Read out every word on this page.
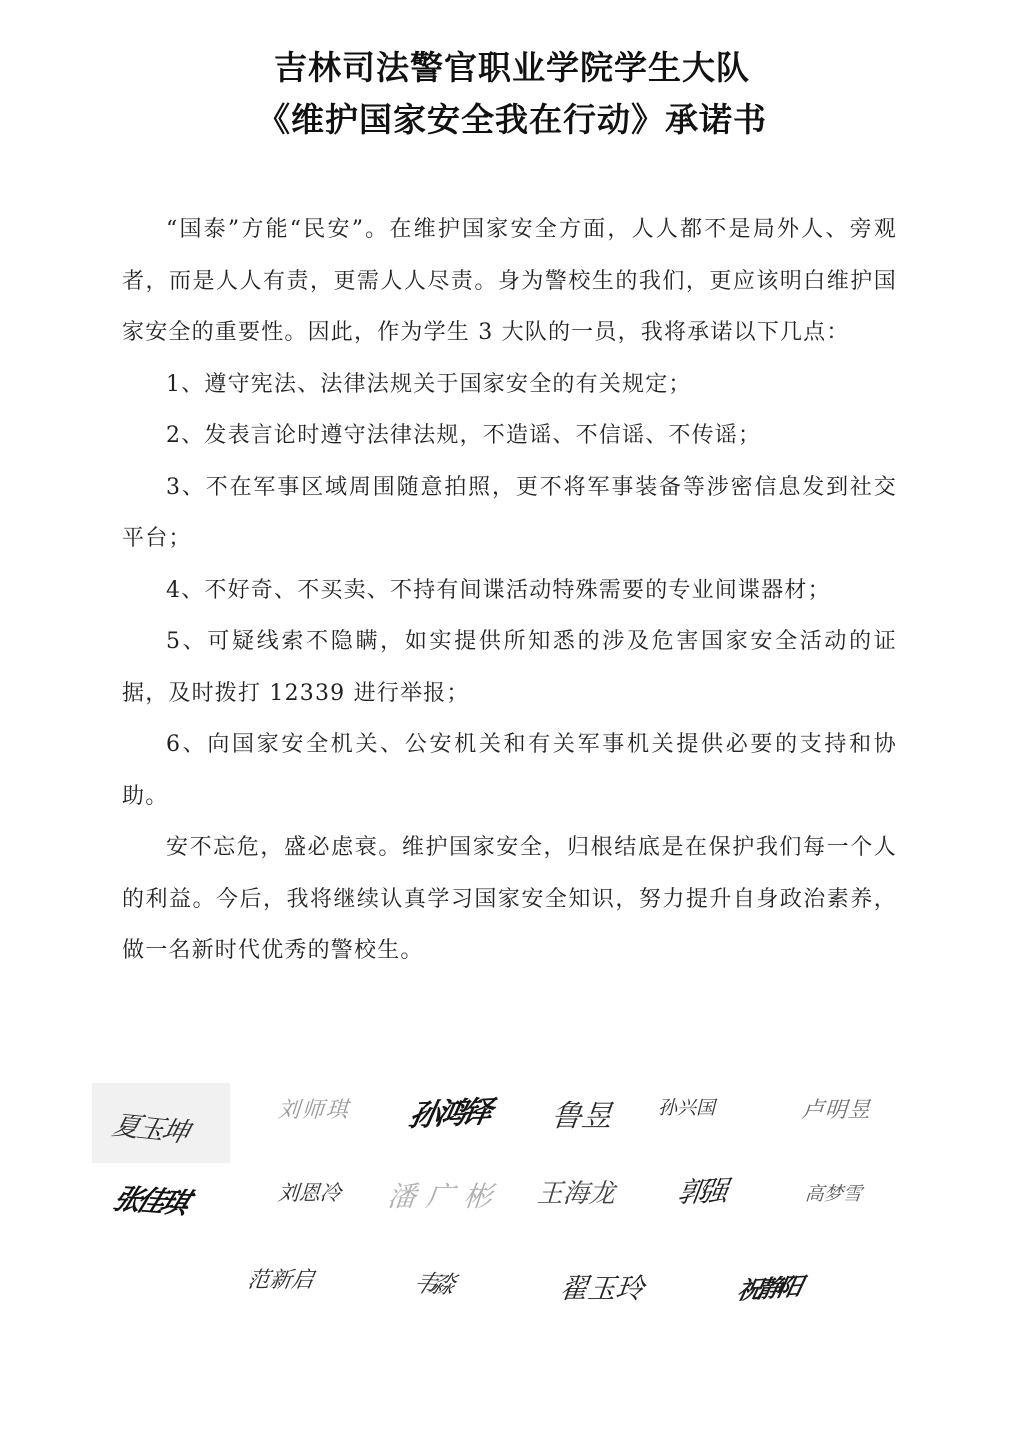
吉林司法警官职业学院学生大队
《维护国家安全我在行动》承诺书

“国泰”方能“民安”。在维护国家安全方面，人人都不是局外人、旁观者，而是人人有责，更需人人尽责。身为警校生的我们，更应该明白维护国家安全的重要性。因此，作为学生 3 大队的一员，我将承诺以下几点：

1、遵守宪法、法律法规关于国家安全的有关规定；

2、发表言论时遵守法律法规，不造谣、不信谣、不传谣；

3、不在军事区域周围随意拍照，更不将军事装备等涉密信息发到社交平台；

4、不好奇、不买卖、不持有间谍活动特殊需要的专业间谍器材；

5、可疑线索不隐瞒，如实提供所知悉的涉及危害国家安全活动的证据，及时拨打 12339 进行举报；

6、向国家安全机关、公安机关和有关军事机关提供必要的支持和协助。

安不忘危，盛必虑衰。维护国家安全，归根结底是在保护我们每一个人的利益。今后，我将继续认真学习国家安全知识，努力提升自身政治素养，做一名新时代优秀的警校生。

夏玉坤	刘师琪 孙鸿铎 鲁昱 孙兴国	卢明昱
张佳琪	刘恩冷 潘广彬 王海龙 郭强	高梦雪
范新启	韦淼	翟玉玲	祝静阳
